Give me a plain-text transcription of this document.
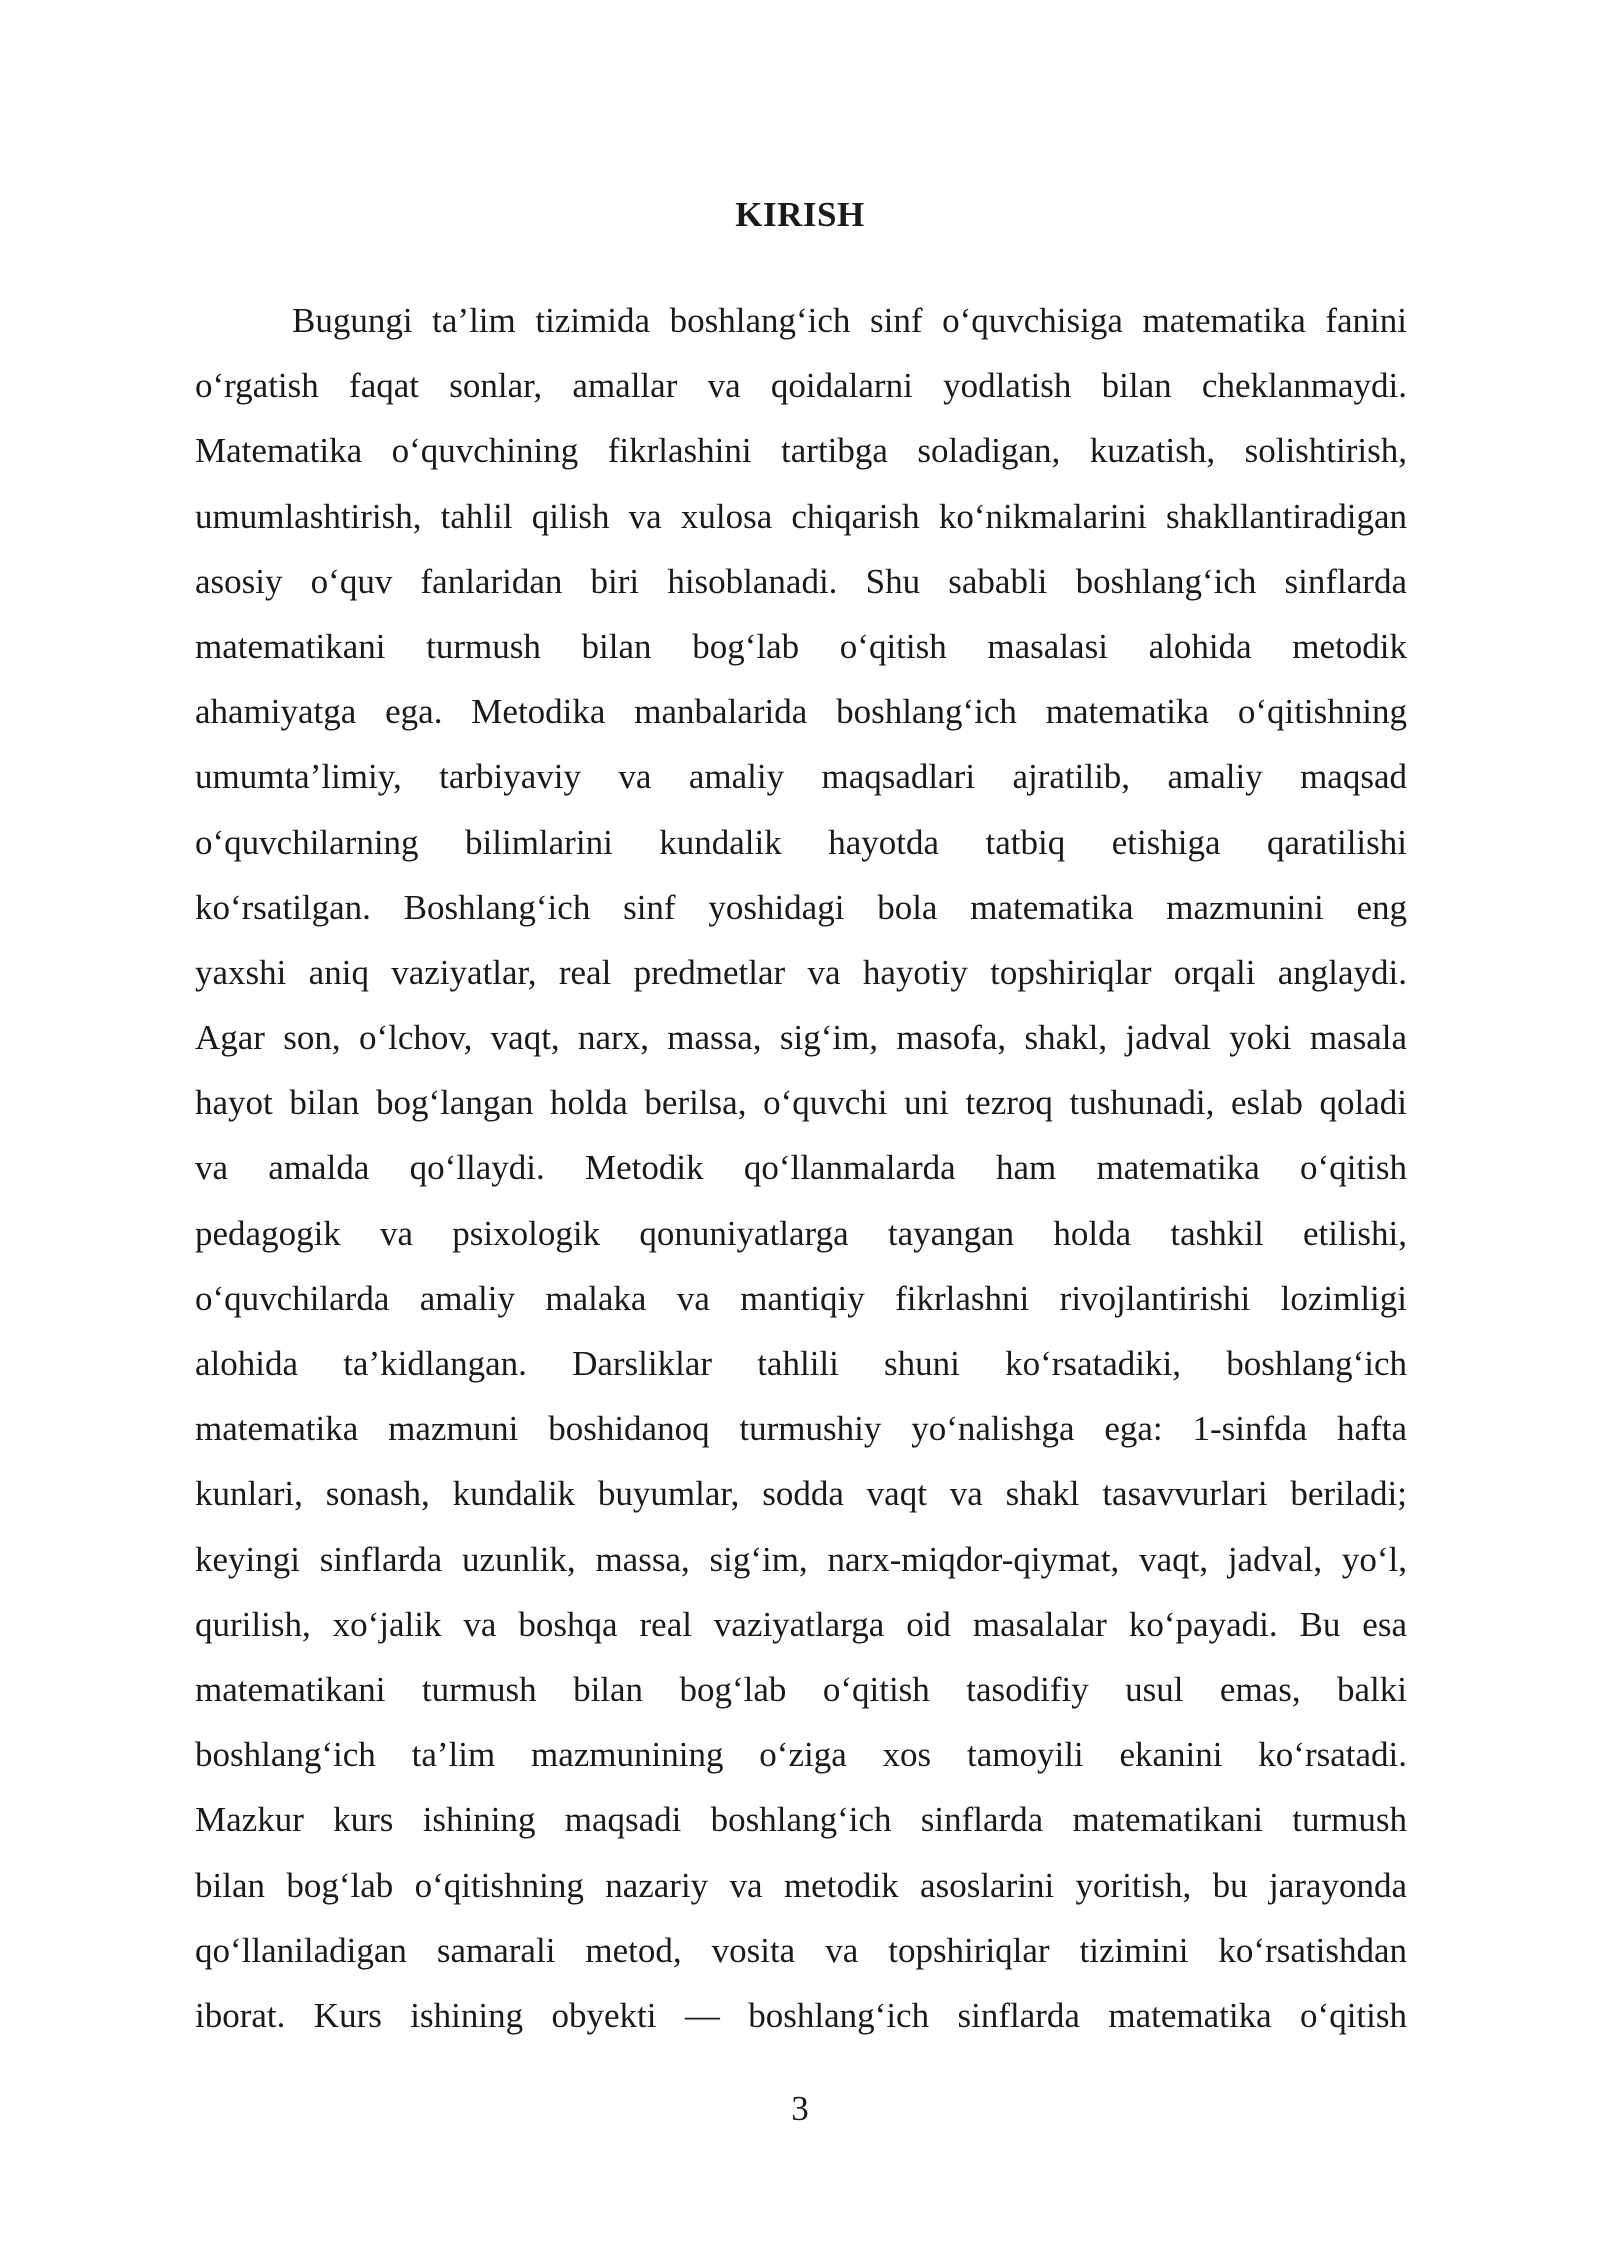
KIRISH
Bugungi ta’lim tizimida boshlang‘ich sinf o‘quvchisiga matematika fanini
o‘rgatish faqat sonlar, amallar va qoidalarni yodlatish bilan cheklanmaydi.
Matematika o‘quvchining fikrlashini tartibga soladigan, kuzatish, solishtirish,
umumlashtirish, tahlil qilish va xulosa chiqarish ko‘nikmalarini shakllantiradigan
asosiy o‘quv fanlaridan biri hisoblanadi. Shu sababli boshlang‘ich sinflarda
matematikani turmush bilan bog‘lab o‘qitish masalasi alohida metodik
ahamiyatga ega. Metodika manbalarida boshlang‘ich matematika o‘qitishning
umumta’limiy, tarbiyaviy va amaliy maqsadlari ajratilib, amaliy maqsad
o‘quvchilarning bilimlarini kundalik hayotda tatbiq etishiga qaratilishi
ko‘rsatilgan. Boshlang‘ich sinf yoshidagi bola matematika mazmunini eng
yaxshi aniq vaziyatlar, real predmetlar va hayotiy topshiriqlar orqali anglaydi.
Agar son, o‘lchov, vaqt, narx, massa, sig‘im, masofa, shakl, jadval yoki masala
hayot bilan bog‘langan holda berilsa, o‘quvchi uni tezroq tushunadi, eslab qoladi
va amalda qo‘llaydi. Metodik qo‘llanmalarda ham matematika o‘qitish
pedagogik va psixologik qonuniyatlarga tayangan holda tashkil etilishi,
o‘quvchilarda amaliy malaka va mantiqiy fikrlashni rivojlantirishi lozimligi
alohida ta’kidlangan. Darsliklar tahlili shuni ko‘rsatadiki, boshlang‘ich
matematika mazmuni boshidanoq turmushiy yo‘nalishga ega: 1-sinfda hafta
kunlari, sonash, kundalik buyumlar, sodda vaqt va shakl tasavvurlari beriladi;
keyingi sinflarda uzunlik, massa, sig‘im, narx-miqdor-qiymat, vaqt, jadval, yo‘l,
qurilish, xo‘jalik va boshqa real vaziyatlarga oid masalalar ko‘payadi. Bu esa
matematikani turmush bilan bog‘lab o‘qitish tasodifiy usul emas, balki
boshlang‘ich ta’lim mazmunining o‘ziga xos tamoyili ekanini ko‘rsatadi.
Mazkur kurs ishining maqsadi boshlang‘ich sinflarda matematikani turmush
bilan bog‘lab o‘qitishning nazariy va metodik asoslarini yoritish, bu jarayonda
qo‘llaniladigan samarali metod, vosita va topshiriqlar tizimini ko‘rsatishdan
iborat. Kurs ishining obyekti — boshlang‘ich sinflarda matematika o‘qitish
3
